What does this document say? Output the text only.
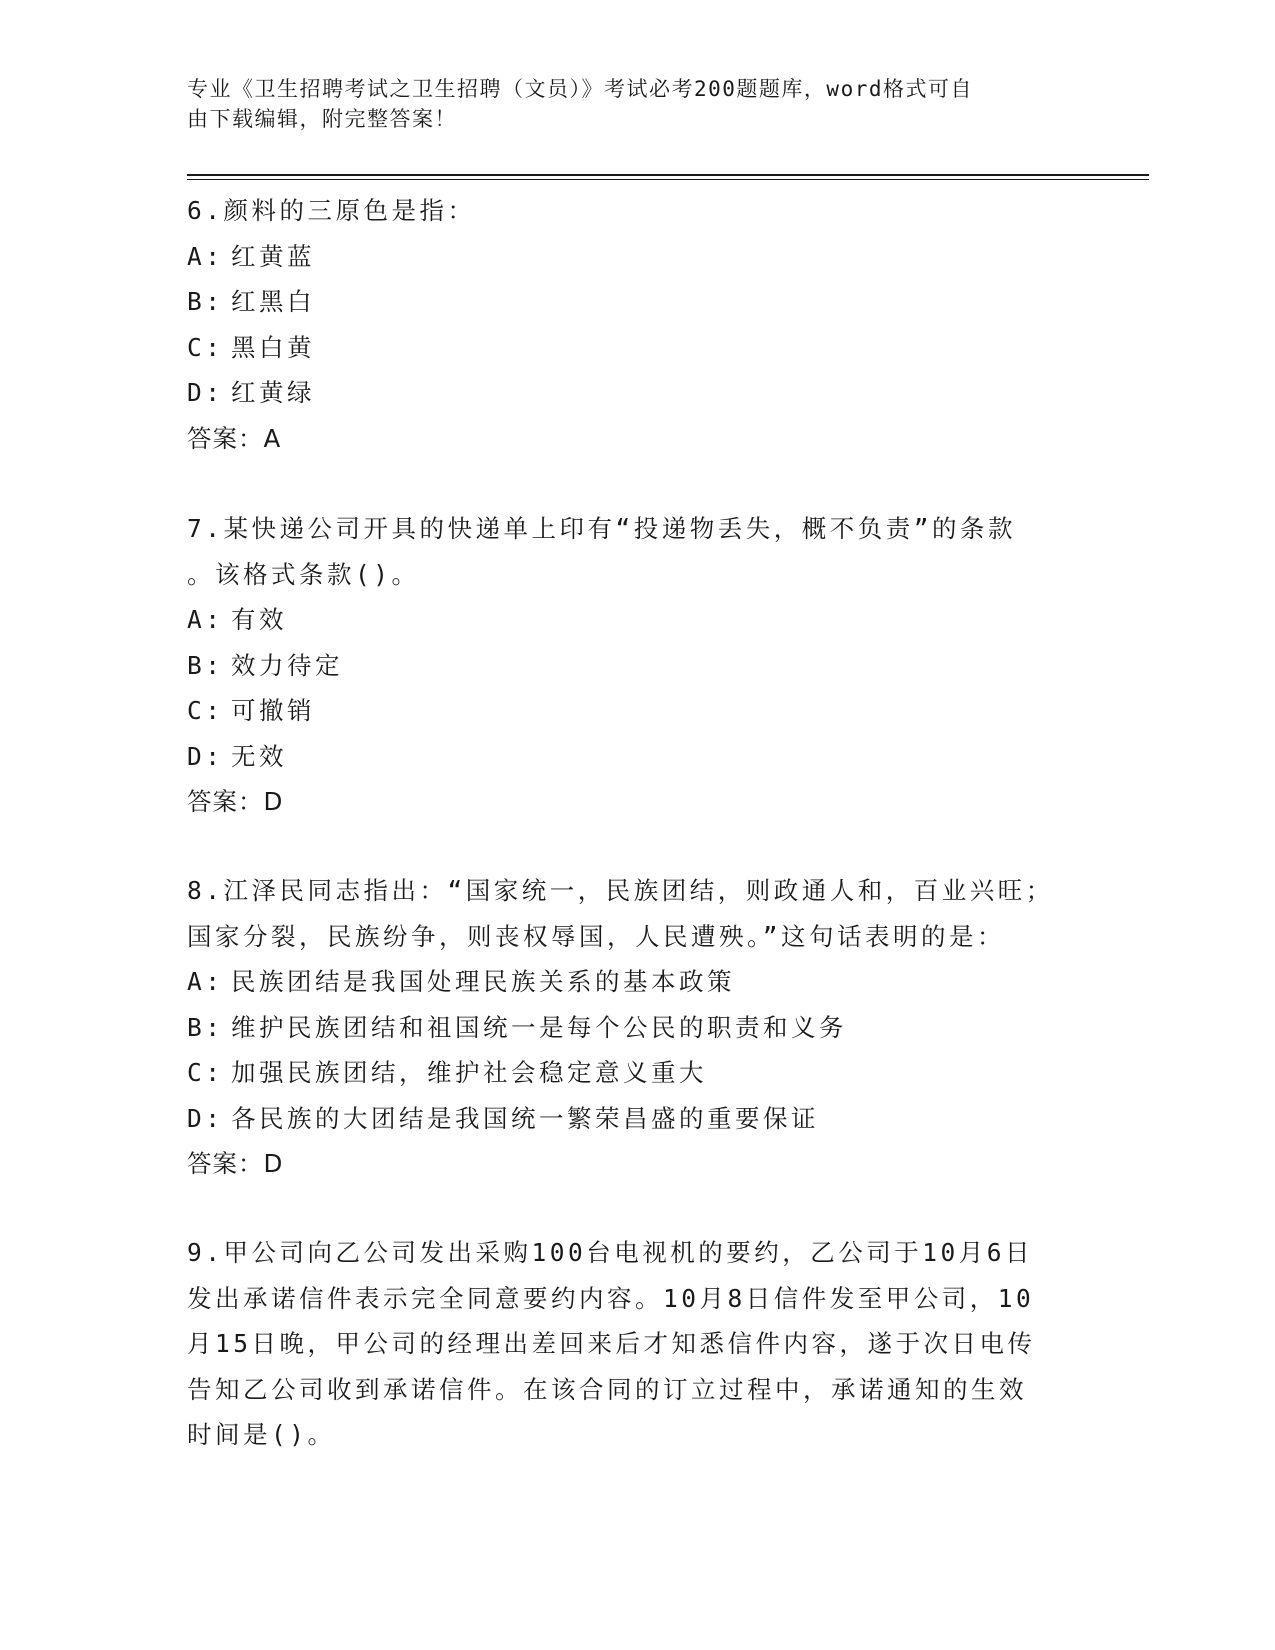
专业《卫生招聘考试之卫生招聘（文员）》考试必考200题题库，word格式可自
由下载编辑，附完整答案！
6.颜料的三原色是指：
A: 红黄蓝
B: 红黑白
C: 黑白黄
D: 红黄绿
答案：A
7.某快递公司开具的快递单上印有“投递物丢失，概不负责”的条款
。该格式条款()。
A: 有效
B: 效力待定
C: 可撤销
D: 无效
答案：D
8.江泽民同志指出：“国家统一，民族团结，则政通人和，百业兴旺；
国家分裂，民族纷争，则丧权辱国，人民遭殃。”这句话表明的是：
A: 民族团结是我国处理民族关系的基本政策
B: 维护民族团结和祖国统一是每个公民的职责和义务
C: 加强民族团结，维护社会稳定意义重大
D: 各民族的大团结是我国统一繁荣昌盛的重要保证
答案：D
9.甲公司向乙公司发出采购100台电视机的要约，乙公司于10月6日
发出承诺信件表示完全同意要约内容。10月8日信件发至甲公司，10
月15日晚，甲公司的经理出差回来后才知悉信件内容，遂于次日电传
告知乙公司收到承诺信件。在该合同的订立过程中，承诺通知的生效
时间是()。
